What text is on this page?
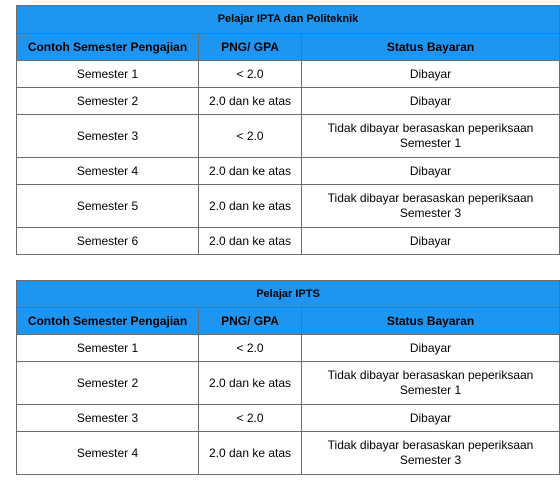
Pelajar IPTA dan Politeknik		
Contoh Semester Pengajian	PNG/ GPA	Status Bayaran
Semester 1	< 2.0	Dibayar
Semester 2	2.0 dan ke atas	Dibayar
Semester 3	< 2.0	Tidak dibayar berasaskan peperiksaan Semester 1
Semester 4	2.0 dan ke atas	Dibayar
Semester 5	2.0 dan ke atas	Tidak dibayar berasaskan peperiksaan Semester 3
Semester 6	2.0 dan ke atas	Dibayar
Pelajar IPTS		
Contoh Semester Pengajian	PNG/ GPA	Status Bayaran
Semester 1	< 2.0	Dibayar
Semester 2	2.0 dan ke atas	Tidak dibayar berasaskan peperiksaan Semester 1
Semester 3	< 2.0	Dibayar
Semester 4	2.0 dan ke atas	Tidak dibayar berasaskan peperiksaan Semester 3
